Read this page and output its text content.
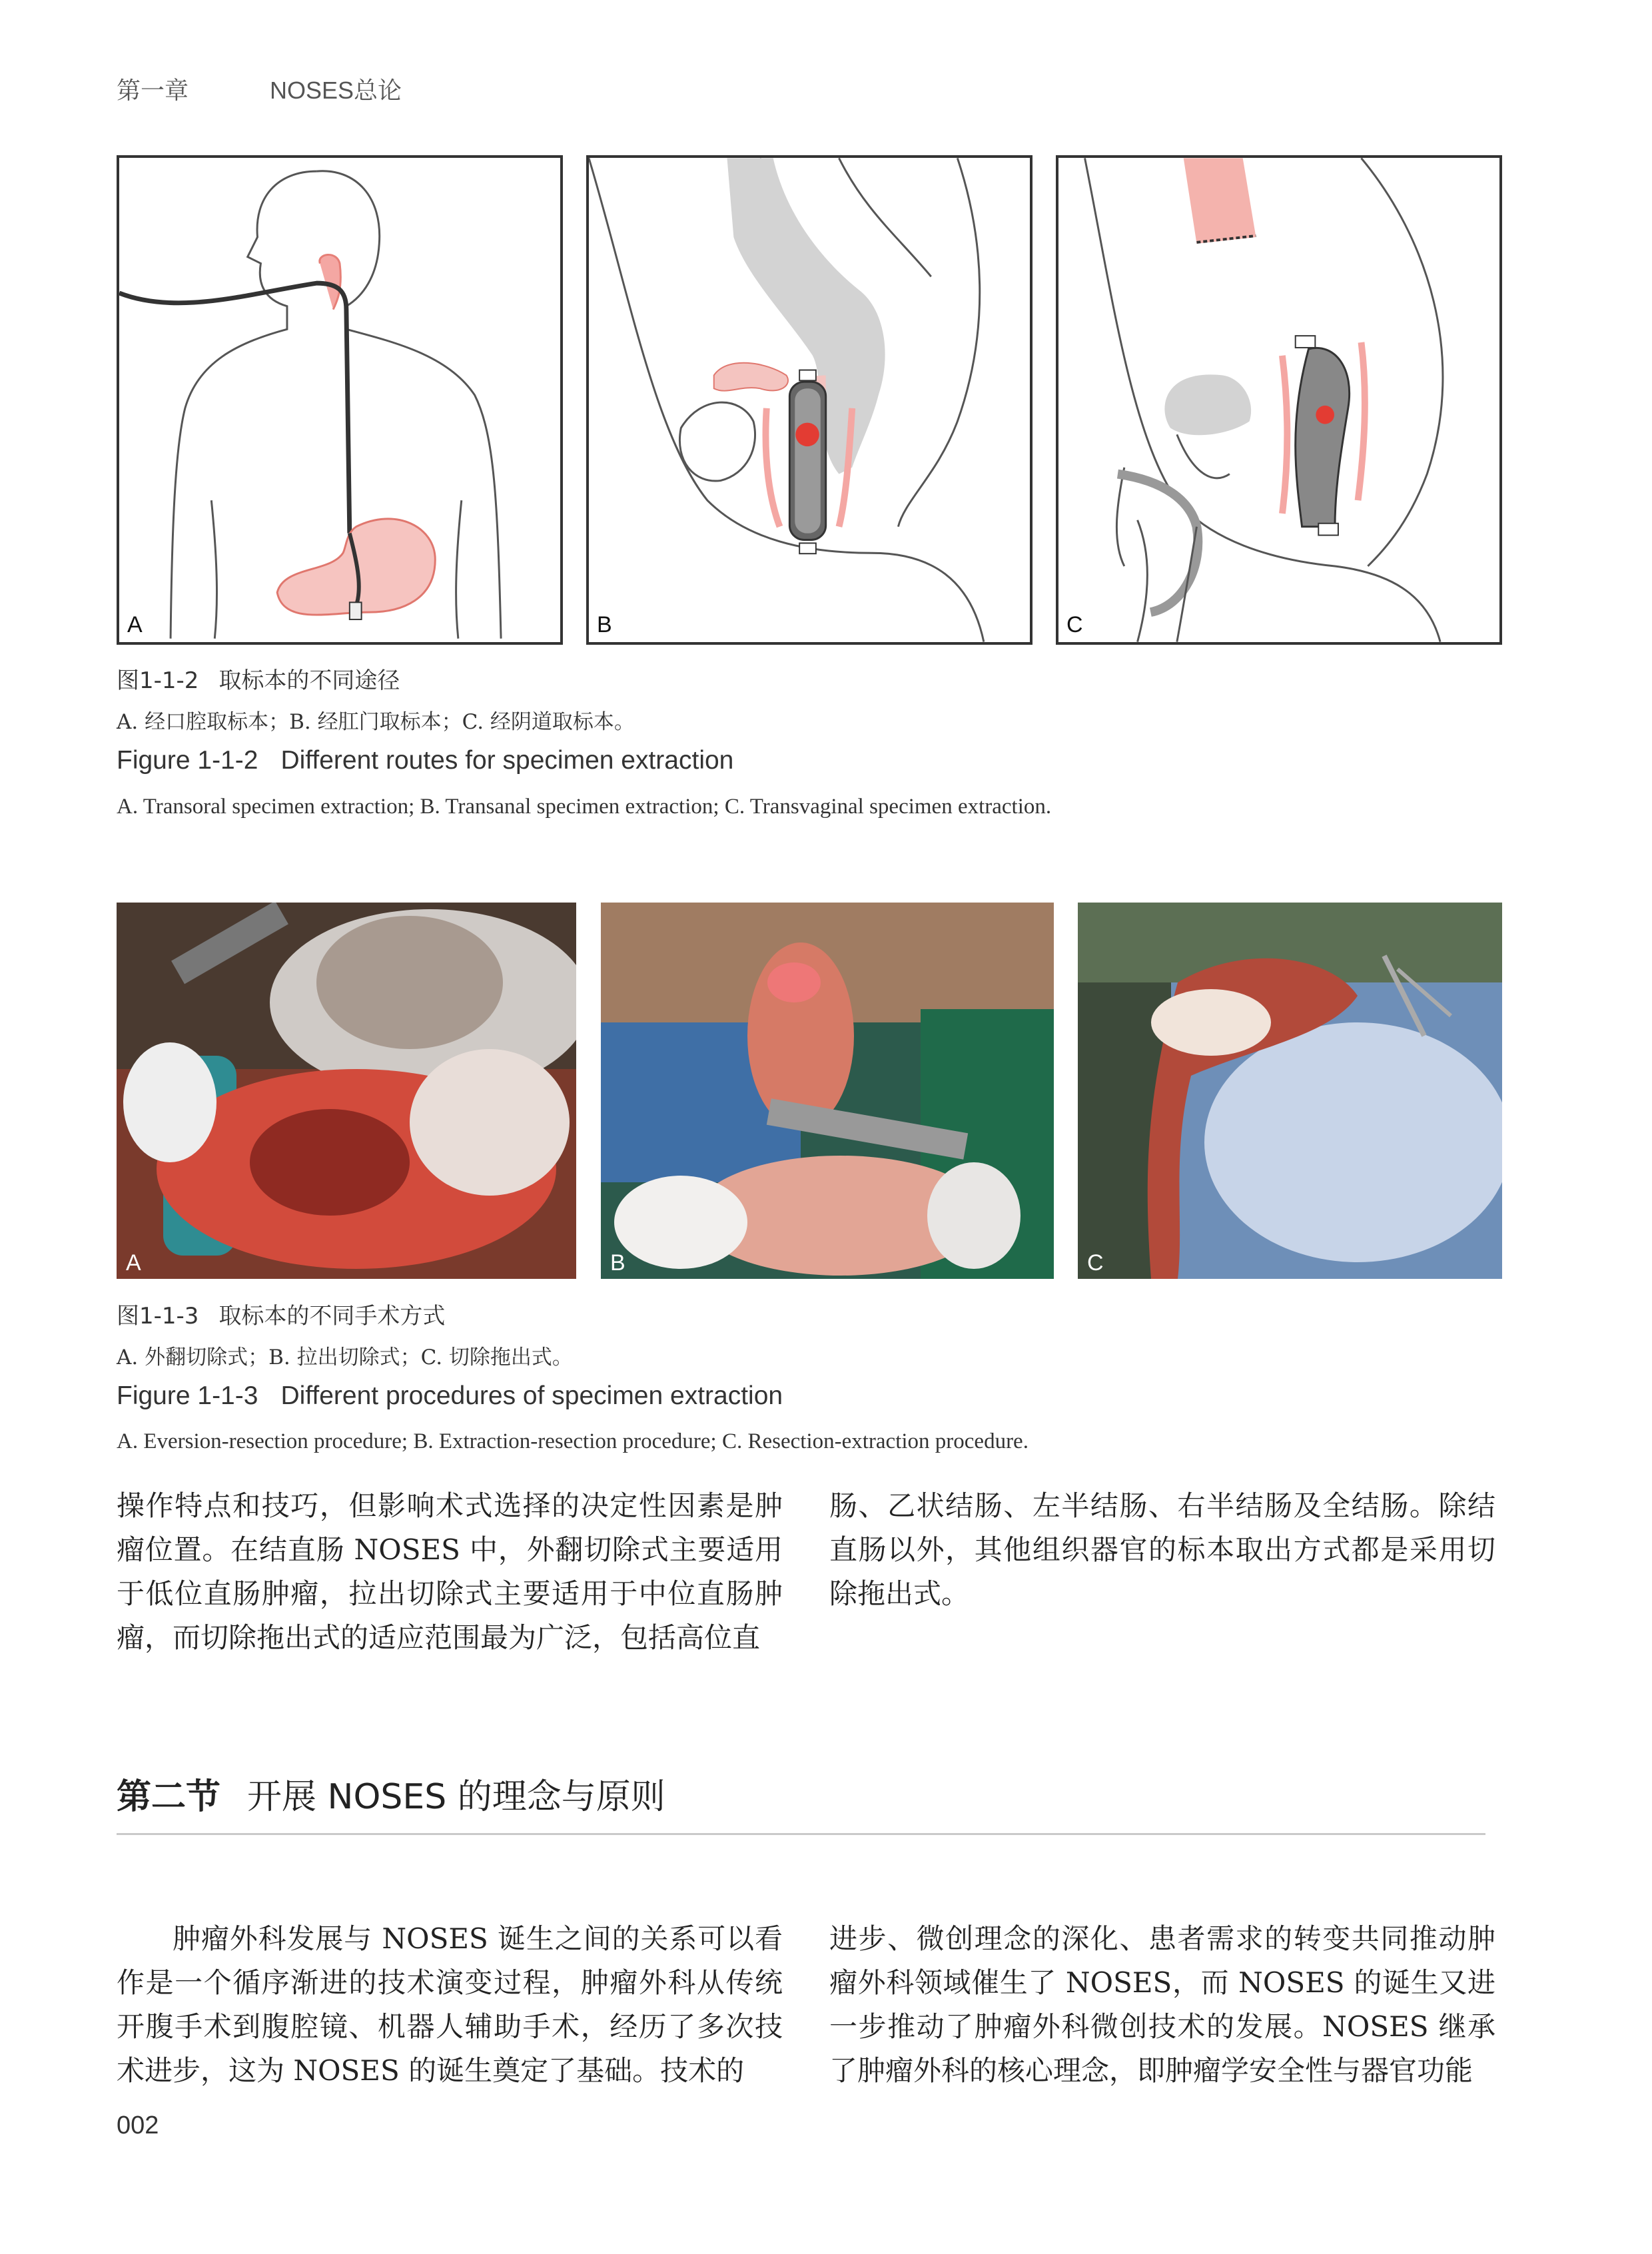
第一章	NOSES总论
A	B	C
图1-1-2 取标本的不同途径
A. 经口腔取标本；B. 经肛门取标本；C. 经阴道取标本。
Figure 1-1-2 Different routes for specimen extraction
A. Transoral specimen extraction; B. Transanal specimen extraction; C. Transvaginal specimen extraction.
A	B	C
图1-1-3 取标本的不同手术方式
A. 外翻切除式；B. 拉出切除式；C. 切除拖出式。
Figure 1-1-3 Different procedures of specimen extraction
A. Eversion-resection procedure; B. Extraction-resection procedure; C. Resection-extraction procedure.
操作特点和技巧，但影响术式选择的决定性因素是肿瘤位置。在结直肠 NOSES 中，外翻切除式主要适用于低位直肠肿瘤，拉出切除式主要适用于中位直肠肿瘤，而切除拖出式的适应范围最为广泛，包括高位直
肠、乙状结肠、左半结肠、右半结肠及全结肠。除结直肠以外，其他组织器官的标本取出方式都是采用切除拖出式。
第二节 开展 NOSES 的理念与原则
肿瘤外科发展与 NOSES 诞生之间的关系可以看作是一个循序渐进的技术演变过程，肿瘤外科从传统开腹手术到腹腔镜、机器人辅助手术，经历了多次技术进步，这为 NOSES 的诞生奠定了基础。技术的
进步、微创理念的深化、患者需求的转变共同推动肿瘤外科领域催生了 NOSES，而 NOSES 的诞生又进一步推动了肿瘤外科微创技术的发展。NOSES 继承了肿瘤外科的核心理念，即肿瘤学安全性与器官功能
002
